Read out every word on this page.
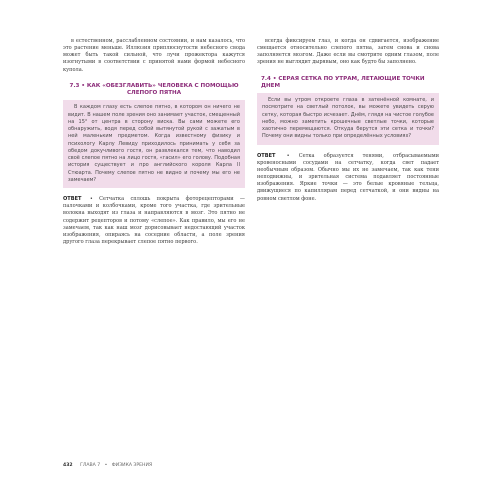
в естественном, расслабленном состоянии, и нам казалось, что это растение меньше. Иллюзия приплюснутости небесного свода может быть такой сильной, что лучи прожектора кажутся изогнутыми в соответствии с принятой нами формой небесного купола.

7.3 • КАК «ОБЕЗГЛАВИТЬ» ЧЕЛОВЕКА С ПОМОЩЬЮ СЛЕПОГО ПЯТНА

В каждом глазу есть слепое пятно, в котором он ничего не видит. В нашем поле зрения оно занимает участок, смещенный на 15° от центра в сторону виска. Вы сами можете его обнаружить, водя перед собой вытянутой рукой с зажатым в ней маленьким предметом. Когда известному физику и психологу Карлу Левиду приходилось принимать у себя за обедом докучливого гостя, он развлекался тем, что наводил своё слепое пятно на лицо гостя, «гасил» его голову. Подобная история существует и про английского короля Карла II Стюарта. Почему слепое пятно не видно и почему мы его не замечаем?

ОТВЕТ • Сетчатка сплошь покрыта фоторецепторами — палочками и колбочками, кроме того участка, где зрительные волокна выходят из глаза и направляются в мозг. Это пятно не содержит рецепторов и потому «слепое». Как правило, мы его не замечаем, так как наш мозг дорисовывает недостающий участок изображения, опираясь на соседние области, а поле зрения другого глаза перекрывает слепое пятно первого.

всегда фиксируем глаз, и когда он сдвигается, изображение смещается относительно слепого пятна, затем снова и снова заполняется мозгом. Даже если вы смотрите одним глазом, поле зрения не выглядит дырявым, оно как будто бы заполнено.

7.4 • СЕРАЯ СЕТКА ПО УТРАМ, ЛЕТАЮЩИЕ ТОЧКИ ДНЕМ

Если вы утром откроете глаза в затенённой комнате, и посмотрите на светлый потолок, вы можете увидеть серую сетку, которая быстро исчезает. Днём, глядя на чистое голубое небо, можно заметить крошечные светлые точки, которые хаотично перемещаются. Откуда берутся эти сетка и точки? Почему они видны только при определённых условиях?

ОТВЕТ • Сетка образуется тенями, отбрасываемыми кровеносными сосудами на сетчатку, когда свет падает необычным образом. Обычно мы их не замечаем, так как тени неподвижны, и зрительная система подавляет постоянные изображения. Яркие точки — это белые кровяные тельца, движущиеся по капиллярам перед сетчаткой, и они видны на ровном светлом фоне.

432 ГЛАВА 7 • ФИЗИКА ЗРЕНИЯ
